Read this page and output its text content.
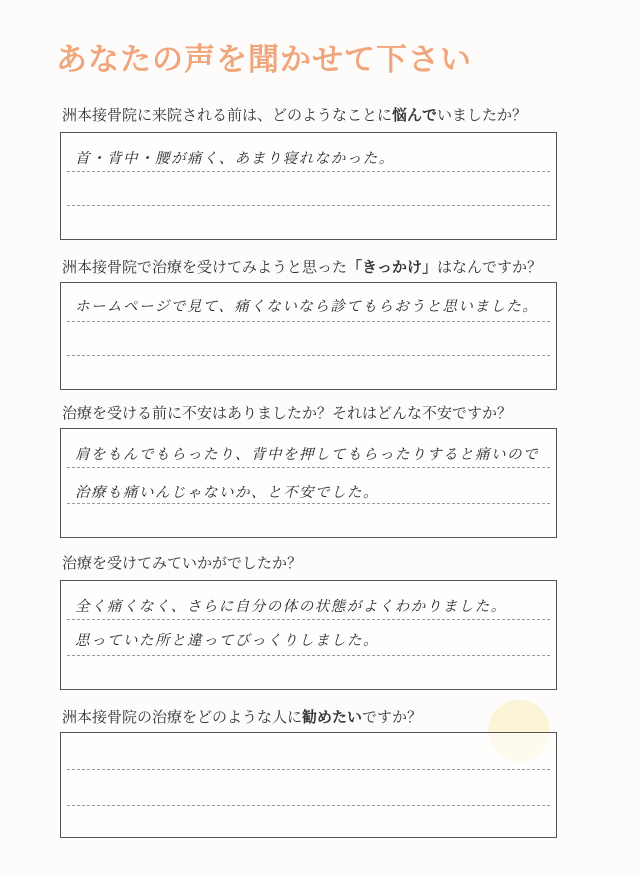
あなたの声を聞かせて下さい
洲本接骨院に来院される前は、どのようなことに悩んでいましたか？
首・背中・腰が痛く、あまり寝れなかった。
洲本接骨院で治療を受けてみようと思った「きっかけ」はなんですか？
ホームページで見て、痛くないなら診てもらおうと思いました。
治療を受ける前に不安はありましたか？それはどんな不安ですか？
肩をもんでもらったり、背中を押してもらったりすると痛いので
治療も痛いんじゃないか、と不安でした。
治療を受けてみていかがでしたか？
全く痛くなく、さらに自分の体の状態がよくわかりました。
思っていた所と違ってびっくりしました。
洲本接骨院の治療をどのような人に勧めたいですか？
